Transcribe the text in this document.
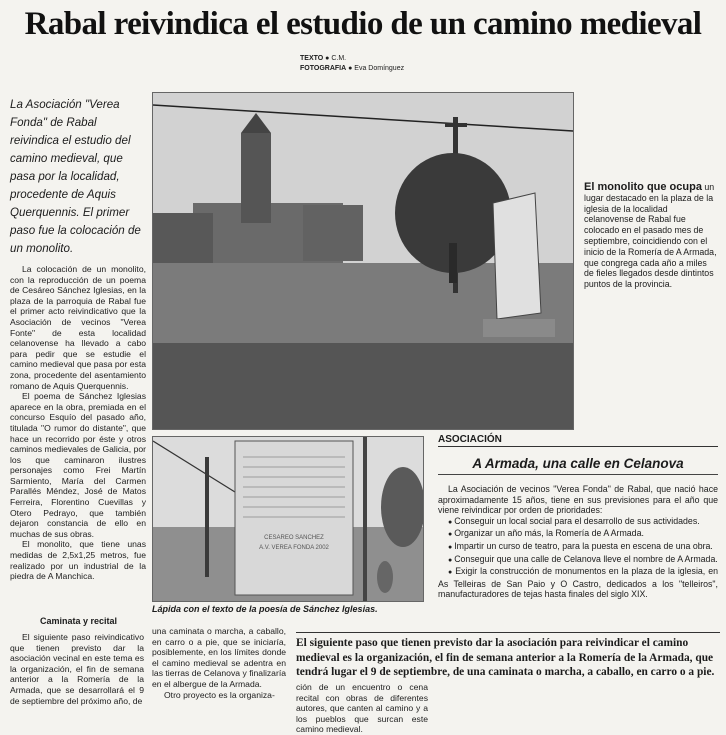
Rabal reivindica el estudio de un camino medieval
TEXTO ● C.M.
FOTOGRAFIA ● Eva Domínguez
La Asociación "Verea Fonda" de Rabal reivindica el estudio del camino medieval, que pasa por la localidad, procedente de Aquis Querquennis. El primer paso fue la colocación de un monolito.
El monolito que ocupa un lugar destacado en la plaza de la iglesia de la localidad celanovense de Rabal fue colocado en el pasado mes de septiembre, coincidiendo con el inicio de la Romería de A Armada, que congrega cada año a miles de fieles llegados desde dintintos puntos de la provincia.

La colocación de un monolito, con la reproducción de un poema de Cesáreo Sánchez Iglesias, en la plaza de la parroquia de Rabal fue el primer acto reivindicativo que la Asociación de vecinos "Verea Fonte" de esta localidad celanovense ha llevado a cabo para pedir que se estudie el camino medieval que pasa por esta zona, procedente del asentamiento romano de Aquis Querquennis.

El poema de Sánchez Iglesias aparece en la obra, premiada en el concurso Esquío del pasado año, titulada "O rumor do distante", que hace un recorrido por éste y otros caminos medievales de Galicia, por los que caminaron ilustres personajes como Frei Martín Sarmiento, María del Carmen Parallés Méndez, José de Matos Ferreira, Florentino Cuevillas y Otero Pedrayo, que también dejaron constancia de ello en muchas de sus obras.

El monolito, que tiene unas medidas de 2,5x1,25 metros, fue realizado por un industrial de la piedra de A Manchica.

CESAREO SANCHEZ
A.V. VEREA FONDA 2002
Lápida con el texto de la poesía de Sánchez Iglesias.
ASOCIACIÓN
A Armada, una calle en Celanova

La Asociación de vecinos "Verea Fonda" de Rabal, que nació hace aproximadamente 15 años, tiene en sus previsiones para el año que viene reivindicar por orden de prioridades:

● Conseguir un local social para el desarrollo de sus actividades.
● Organizar un año más, la Romería de A Armada.
● Impartir un curso de teatro, para la puesta en escena de una obra.
● Conseguir que una calle de Celanova lleve el nombre de A Armada.
● Exigir la construcción de monumentos en la plaza de la iglesia, en As Telleiras de San Paio y O Castro, dedicados a los "telleiros", manufacturadores de tejas hasta finales del siglo XIX.
Caminata y recital

El siguiente paso reivindicativo que tienen previsto dar la asociación vecinal en este tema es la organización, el fin de semana anterior a la Romería de la Armada, que se desarrollará el 9 de septiembre del próximo año, de

una caminata o marcha, a caballo, en carro o a pie, que se iniciaría, posiblemente, en los límites donde el camino medieval se adentra en las tierras de Celanova y finalizaría en el albergue de la Armada.

Otro proyecto es la organiza-

El siguiente paso que tienen previsto dar la asociación para reivindicar el camino medieval es la organización, el fin de semana anterior a la Romería de la Armada, que tendrá lugar el 9 de septiembre, de una caminata o marcha, a caballo, en carro o a pie.

ción de un encuentro o cena recital con obras de diferentes autores, que canten al camino y a los pueblos que surcan este camino medieval.
